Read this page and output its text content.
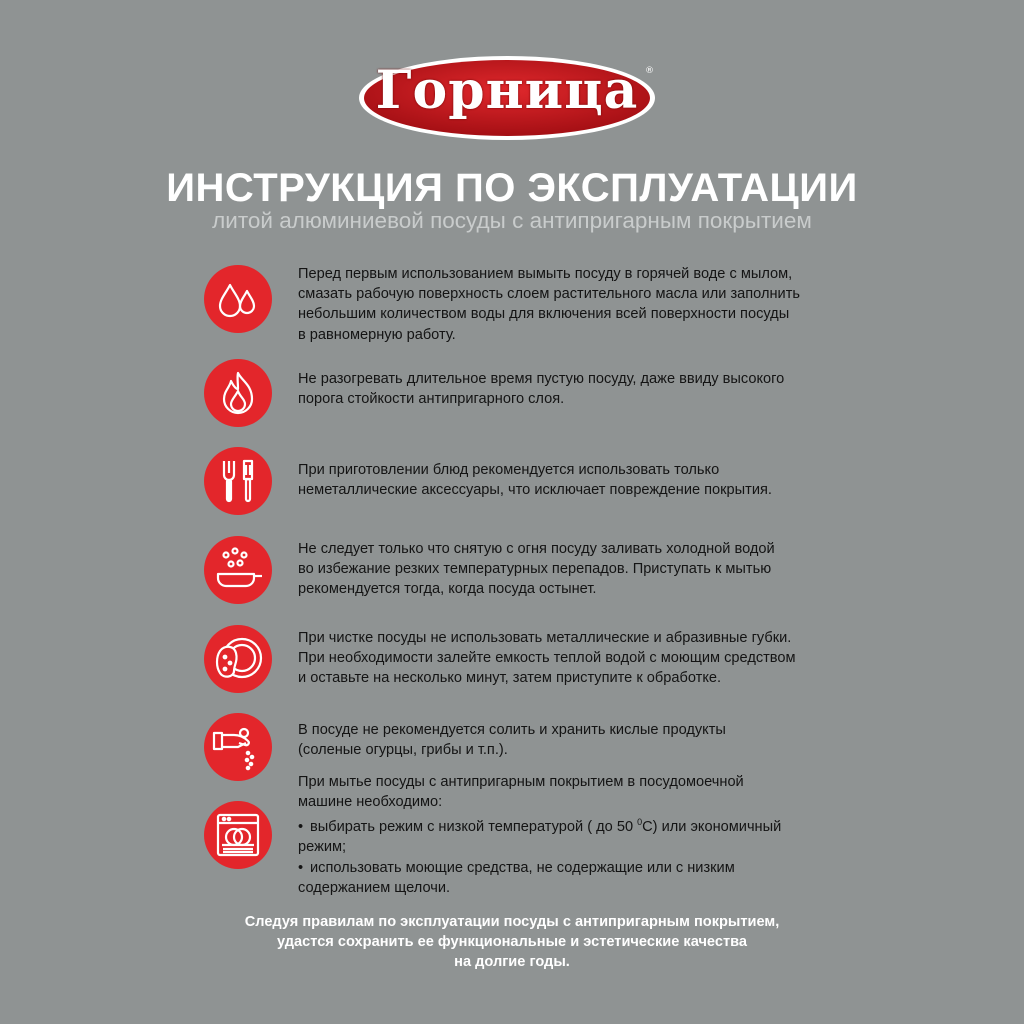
Горница ®
ИНСТРУКЦИЯ ПО ЭКСПЛУАТАЦИИ
литой алюминиевой посуды с антипригарным покрытием
Перед первым использованием вымыть посуду в горячей воде с мылом,
смазать рабочую поверхность слоем растительного масла или заполнить
небольшим количеством воды для включения всей поверхности посуды
в равномерную работу.
Не разогревать длительное время пустую посуду, даже ввиду высокого
порога стойкости антипригарного слоя.
При приготовлении блюд рекомендуется использовать только
неметаллические аксессуары, что исключает повреждение покрытия.
Не следует только что снятую с огня посуду заливать холодной водой
во избежание резких температурных перепадов. Приступать к мытью
рекомендуется тогда, когда посуда остынет.
При чистке посуды не использовать металлические и абразивные губки.
При необходимости залейте емкость теплой водой с моющим средством
и оставьте на несколько минут, затем приступите к обработке.
В посуде не рекомендуется солить и хранить кислые продукты
(соленые огурцы, грибы и т.п.).
При мытье посуды с антипригарным покрытием в посудомоечной
машине необходимо:
• выбирать режим с низкой температурой ( до 50 $^0$С) или экономичный
режим;
• использовать моющие средства, не содержащие или с низким
содержанием щелочи.
Следуя правилам по эксплуатации посуды с антипригарным покрытием,
удастся сохранить ее функциональные и эстетические качества
на долгие годы.
